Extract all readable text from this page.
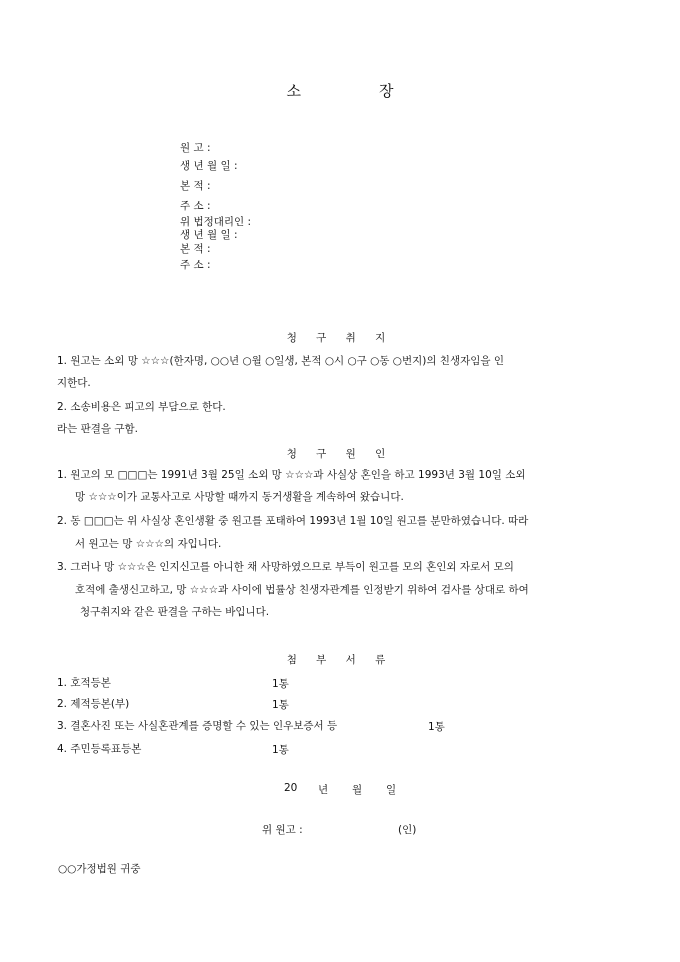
소	장
원 고 :
생 년 월 일 :
본 적 :
주 소 :
위 법정대리인 :
생 년 월 일 :
본 적 :
주 소 :
청 구 취 지
1. 원고는 소외 망 ☆☆☆(한자명, ○○년 ○월 ○일생, 본적 ○시 ○구 ○동 ○번지)의 친생자임을 인
지한다.
2. 소송비용은 피고의 부담으로 한다.
라는 판결을 구함.
청 구 원 인
1. 원고의 모 □□□는 1991년 3월 25일 소외 망 ☆☆☆과 사실상 혼인을 하고 1993년 3월 10일 소외
망 ☆☆☆이가 교통사고로 사망할 때까지 동거생활을 계속하여 왔습니다.
2. 동 □□□는 위 사실상 혼인생활 중 원고를 포태하여 1993년 1월 10일 원고를 분만하였습니다. 따라
서 원고는 망 ☆☆☆의 자입니다.
3. 그러나 망 ☆☆☆은 인지신고를 아니한 채 사망하였으므로 부득이 원고를 모의 혼인외 자로서 모의
호적에 출생신고하고, 망 ☆☆☆과 사이에 법률상 친생자관계를 인정받기 위하여 검사를 상대로 하여
청구취지와 같은 판결을 구하는 바입니다.
첨 부 서 류
1. 호적등본	1통
2. 제적등본(부)	1통
3. 결혼사진 또는 사실혼관계를 증명할 수 있는 인우보증서 등	1통
4. 주민등록표등본	1통
20 년 월 일
위 원고 :	(인)
○○가정법원 귀중
